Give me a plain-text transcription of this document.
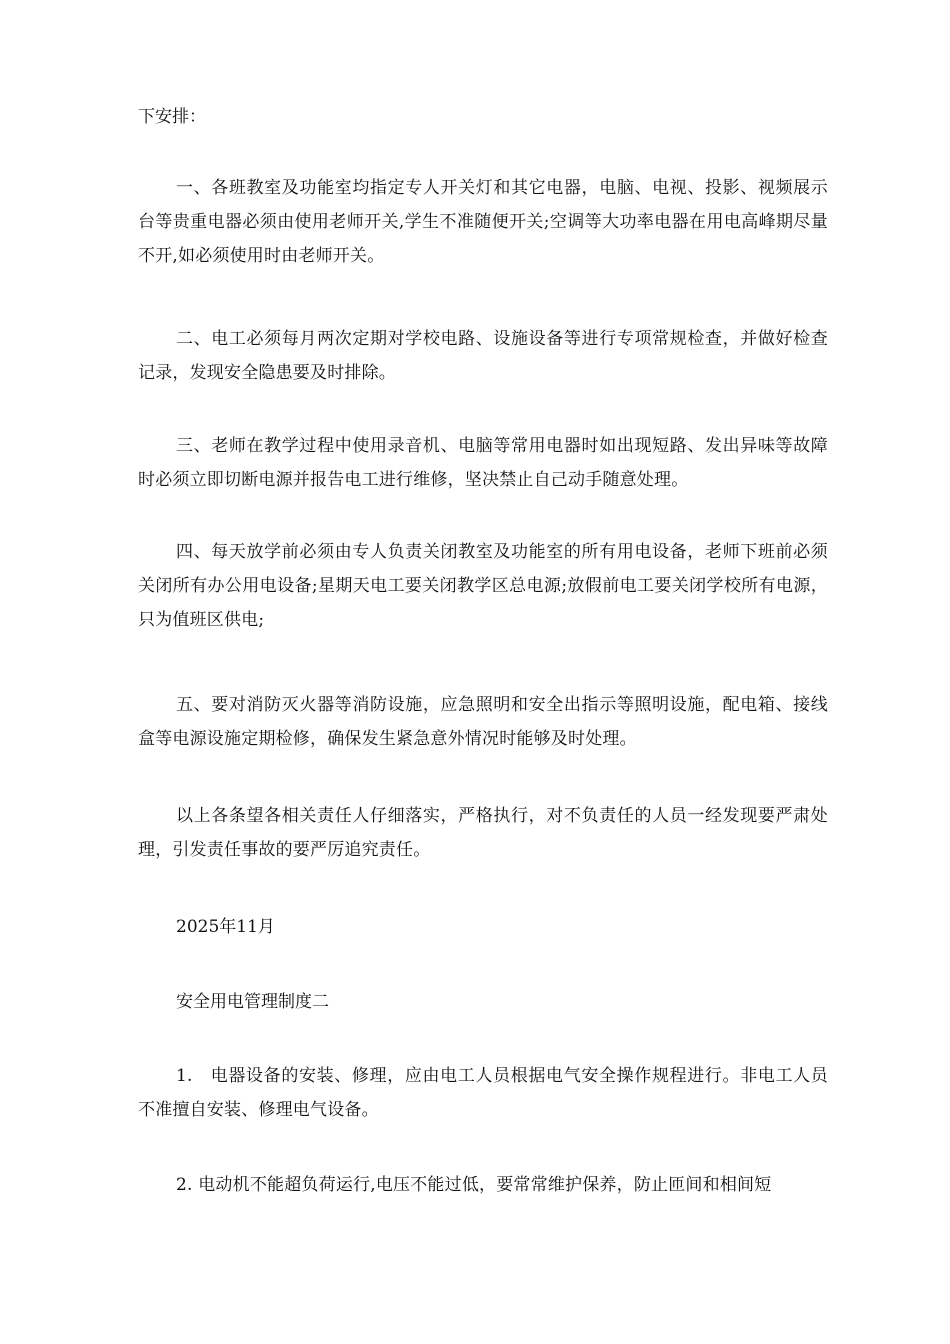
下安排：

一、各班教室及功能室均指定专人开关灯和其它电器，电脑、电视、投影、视频展示台等贵重电器必须由使用老师开关,学生不准随便开关;空调等大功率电器在用电高峰期尽量不开,如必须使用时由老师开关。

二、电工必须每月两次定期对学校电路、设施设备等进行专项常规检查，并做好检查记录，发现安全隐患要及时排除。

三、老师在教学过程中使用录音机、电脑等常用电器时如出现短路、发出异味等故障时必须立即切断电源并报告电工进行维修，坚决禁止自己动手随意处理。

四、每天放学前必须由专人负责关闭教室及功能室的所有用电设备，老师下班前必须关闭所有办公用电设备;星期天电工要关闭教学区总电源;放假前电工要关闭学校所有电源，只为值班区供电;

五、要对消防灭火器等消防设施，应急照明和安全出指示等照明设施，配电箱、接线盒等电源设施定期检修，确保发生紧急意外情况时能够及时处理。

以上各条望各相关责任人仔细落实，严格执行，对不负责任的人员一经发现要严肃处理，引发责任事故的要严厉追究责任。

2025年11月

安全用电管理制度二

1.　电器设备的安装、修理，应由电工人员根据电气安全操作规程进行。非电工人员不准擅自安装、修理电气设备。

2. 电动机不能超负荷运行,电压不能过低，要常常维护保养，防止匝间和相间短
